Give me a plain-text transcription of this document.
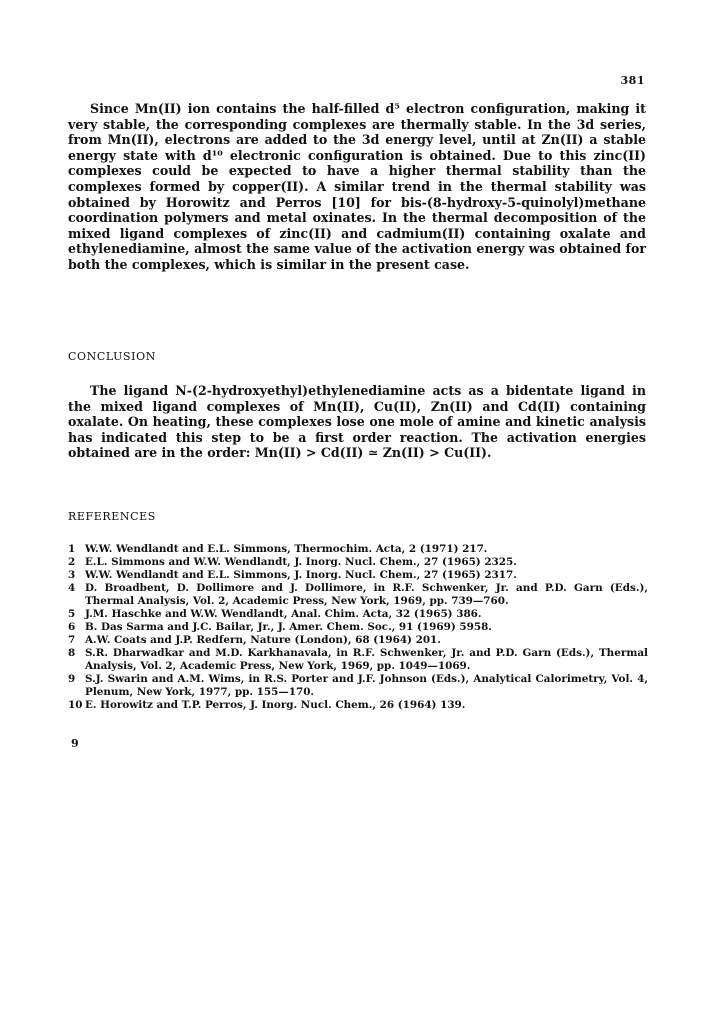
381

Since Mn(II) ion contains the half-filled d⁵ electron configuration, making it very stable, the corresponding complexes are thermally stable. In the 3d series, from Mn(II), electrons are added to the 3d energy level, until at Zn(II) a stable energy state with d¹⁰ electronic configuration is obtained. Due to this zinc(II) complexes could be expected to have a higher thermal stability than the complexes formed by copper(II). A similar trend in the thermal stability was obtained by Horowitz and Perros [10] for bis-(8-hydroxy-5-quinolyl)methane coordination polymers and metal oxinates. In the thermal decomposition of the mixed ligand complexes of zinc(II) and cadmium(II) containing oxalate and ethylenediamine, almost the same value of the activation energy was obtained for both the complexes, which is similar in the present case.

CONCLUSION

The ligand N-(2-hydroxyethyl)ethylenediamine acts as a bidentate ligand in the mixed ligand complexes of Mn(II), Cu(II), Zn(II) and Cd(II) containing oxalate. On heating, these complexes lose one mole of amine and kinetic analysis has indicated this step to be a first order reaction. The activation energies obtained are in the order: Mn(II) > Cd(II) ≃ Zn(II) > Cu(II).

REFERENCES
1 W.W. Wendlandt and E.L. Simmons, Thermochim. Acta, 2 (1971) 217.
2 E.L. Simmons and W.W. Wendlandt, J. Inorg. Nucl. Chem., 27 (1965) 2325.
3 W.W. Wendlandt and E.L. Simmons, J. Inorg. Nucl. Chem., 27 (1965) 2317.
4 D. Broadbent, D. Dollimore and J. Dollimore, in R.F. Schwenker, Jr. and P.D. Garn (Eds.), Thermal Analysis, Vol. 2, Academic Press, New York, 1969, pp. 739—760.
5 J.M. Haschke and W.W. Wendlandt, Anal. Chim. Acta, 32 (1965) 386.
6 B. Das Sarma and J.C. Bailar, Jr., J. Amer. Chem. Soc., 91 (1969) 5958.
7 A.W. Coats and J.P. Redfern, Nature (London), 68 (1964) 201.
8 S.R. Dharwadkar and M.D. Karkhanavala, in R.F. Schwenker, Jr. and P.D. Garn (Eds.), Thermal Analysis, Vol. 2, Academic Press, New York, 1969, pp. 1049—1069.
9 S.J. Swarin and A.M. Wims, in R.S. Porter and J.F. Johnson (Eds.), Analytical Calorimetry, Vol. 4, Plenum, New York, 1977, pp. 155—170.
10 E. Horowitz and T.P. Perros, J. Inorg. Nucl. Chem., 26 (1964) 139.
9
